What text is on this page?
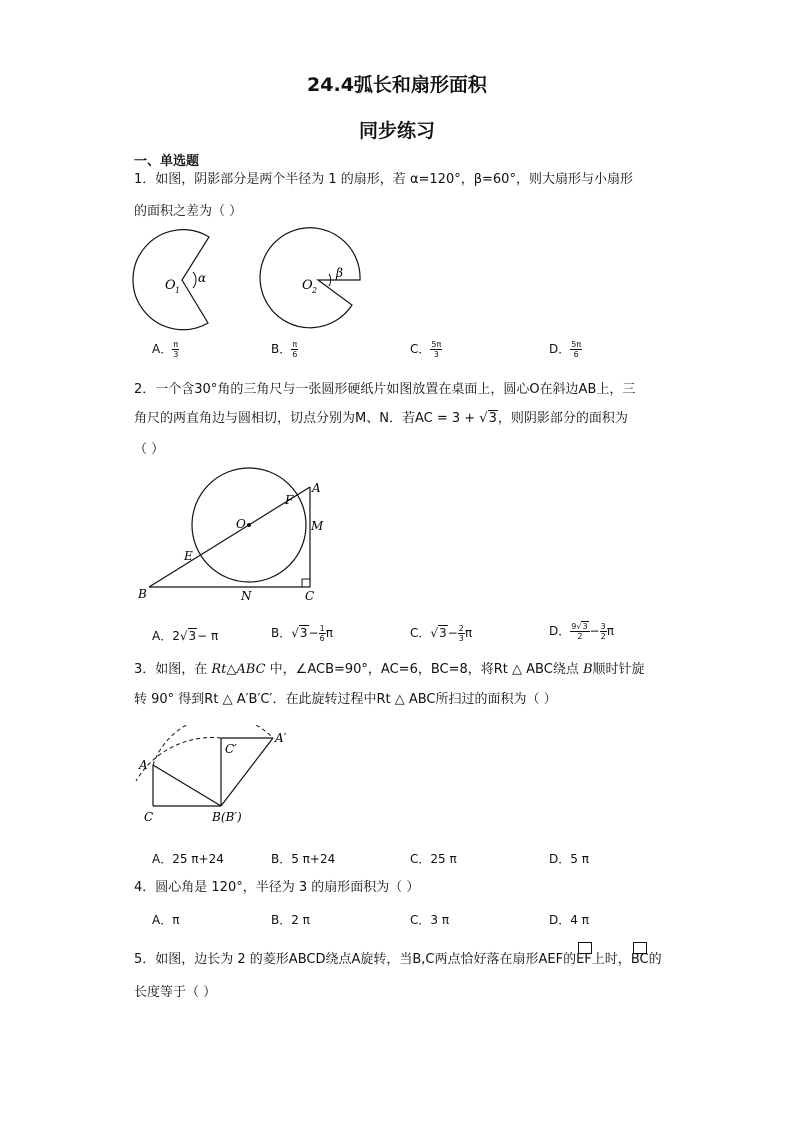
24.4弧长和扇形面积
同步练习
一、单选题
1．如图，阴影部分是两个半径为 1 的扇形，若 α=120°，β=60°，则大扇形与小扇形
的面积之差为（ ）
O 1
α	O 2
β
A． $\frac{\pi}{3}$	B． $\frac{\pi}{6}$	C． $\frac{5\pi}{3}$	D． $\frac{5\pi}{6}$
2．一个含30°角的三角尺与一张圆形硬纸片如图放置在桌面上，圆心O在斜边AB上，三
角尺的两直角边与圆相切，切点分别为M、N．若AC = 3 + √3，则阴影部分的面积为
（ ）
A
B	C
O
E
F
M
N
A．2√3− π	B．$√3- \frac{1}{6}$ π	C．$√3- \frac{2}{3}$ π	D． $\frac{9√3}{2} - \frac{3}{2}$ π
3．如图，在 Rt△ABC 中，∠ACB=90°，AC=6，BC=8，将Rt △ ABC绕点 B顺时针旋
转 90° 得到Rt △ A′B′C′．在此旋转过程中Rt △ ABC所扫过的面积为（ ）
A
C	B(B′)
A′
C′
A．25 π+24	B．5 π+24	C．25 π	D．5 π
4．圆心角是 120°，半径为 3 的扇形面积为（ ）
A．π	B．2 π	C．3 π	D．4 π
5．如图，边长为 2 的菱形ABCD绕点A旋转，当B,C两点恰好落在扇形AEF的EF上时，BC的
长度等于（ ）
